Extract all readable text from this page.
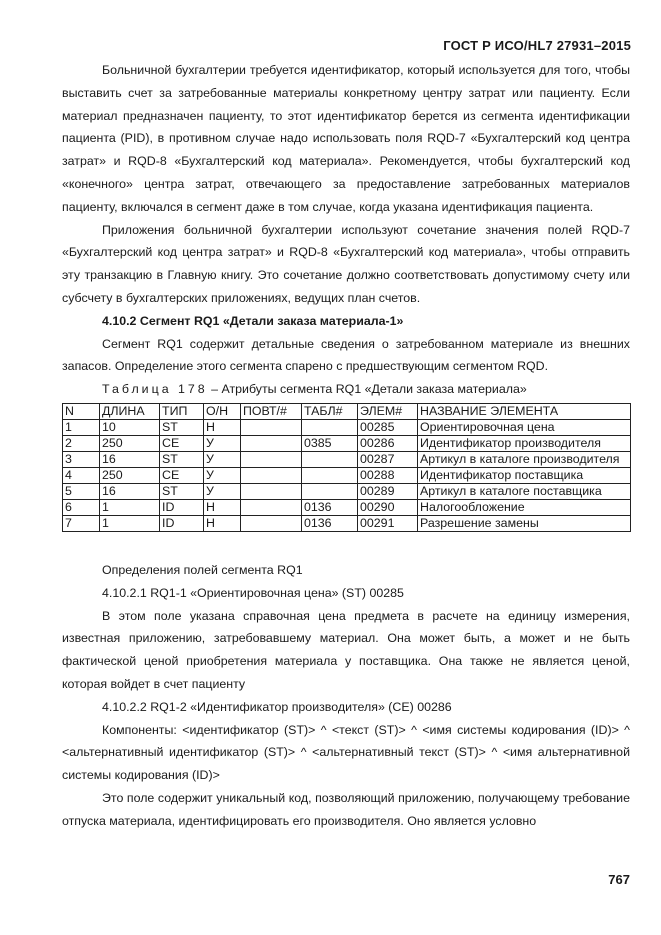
ГОСТ Р ИСО/HL7 27931–2015

Больничной бухгалтерии требуется идентификатор, который используется для того, чтобы выставить счет за затребованные материалы конкретному центру затрат или пациенту. Если материал предназначен пациенту, то этот идентификатор берется из сегмента идентификации пациента (PID), в противном случае надо использовать поля RQD-7 «Бухгалтерский код центра затрат» и RQD-8 «Бухгалтерский код материала». Рекомендуется, чтобы бухгалтерский код «конечного» центра затрат, отвечающего за предоставление затребованных материалов пациенту, включался в сегмент даже в том случае, когда указана идентификация пациента.

Приложения больничной бухгалтерии используют сочетание значения полей RQD-7 «Бухгалтерский код центра затрат» и RQD-8 «Бухгалтерский код материала», чтобы отправить эту транзакцию в Главную книгу. Это сочетание должно соответствовать допустимому счету или субсчету в бухгалтерских приложениях, ведущих план счетов.

4.10.2 Сегмент RQ1 «Детали заказа материала-1»

Сегмент RQ1 содержит детальные сведения о затребованном материале из внешних запасов. Определение этого сегмента спарено с предшествующим сегментом RQD.

Таблица 178 – Атрибуты сегмента RQ1 «Детали заказа материала»
N	ДЛИНА	ТИП	О/Н	ПОВТ/#	ТАБЛ#	ЭЛЕМ#	НАЗВАНИЕ ЭЛЕМЕНТА
1	10	ST	Н			00285	Ориентировочная цена
2	250	CE	У		0385	00286	Идентификатор производителя
3	16	ST	У			00287	Артикул в каталоге производителя
4	250	CE	У			00288	Идентификатор поставщика
5	16	ST	У			00289	Артикул в каталоге поставщика
6	1	ID	Н		0136	00290	Налогообложение
7	1	ID	Н		0136	00291	Разрешение замены

Определения полей сегмента RQ1

4.10.2.1 RQ1-1 «Ориентировочная цена» (ST) 00285

В этом поле указана справочная цена предмета в расчете на единицу измерения, известная приложению, затребовавшему материал. Она может быть, а может и не быть фактической ценой приобретения материала у поставщика. Она также не является ценой, которая войдет в счет пациенту

4.10.2.2 RQ1-2 «Идентификатор производителя» (CE) 00286

Компоненты: <идентификатор (ST)> ^ <текст (ST)> ^ <имя системы кодирования (ID)> ^ <альтернативный идентификатор (ST)> ^ <альтернативный текст (ST)> ^ <имя альтернативной системы кодирования (ID)>

Это поле содержит уникальный код, позволяющий приложению, получающему требование отпуска материала, идентифицировать его производителя. Оно является условно

767
